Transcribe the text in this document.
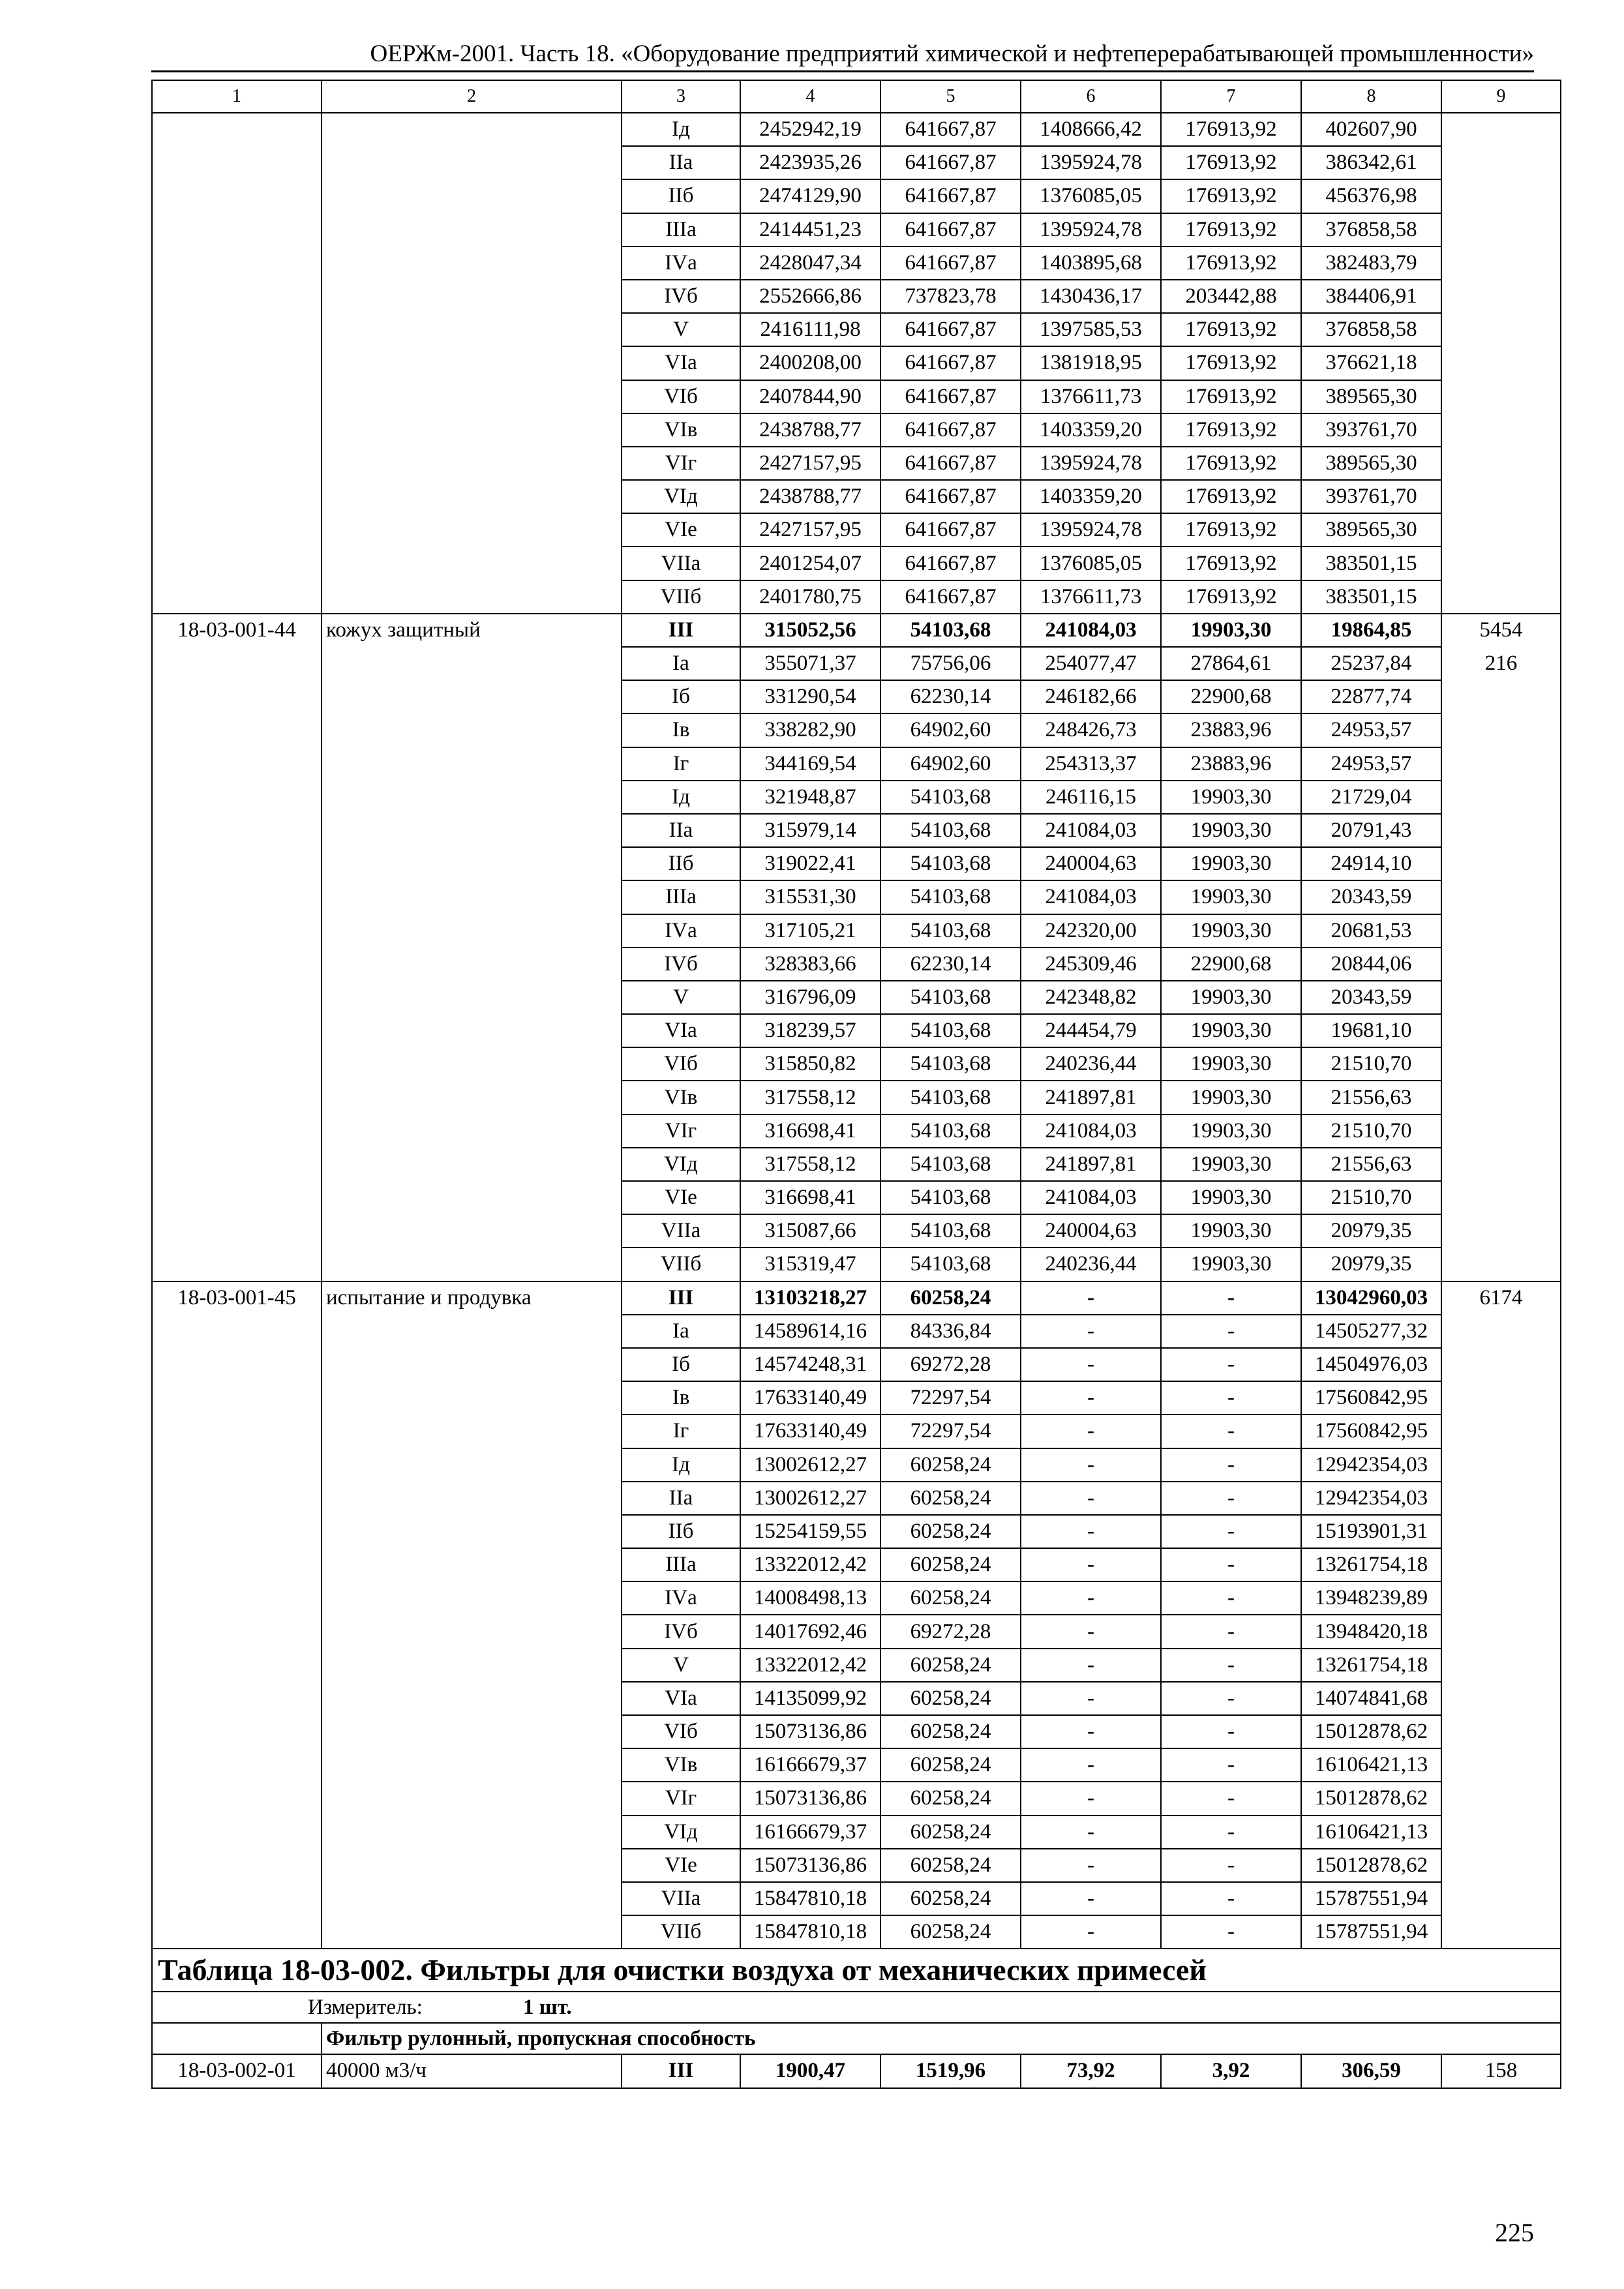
ОЕРЖм-2001. Часть 18. «Оборудование предприятий химической и нефтеперерабатывающей промышленности»
1	2	3	4	5	6	7	8	9
		Iд	2452942,19	641667,87	1408666,42	176913,92	402607,90	
		IIа	2423935,26	641667,87	1395924,78	176913,92	386342,61	
		IIб	2474129,90	641667,87	1376085,05	176913,92	456376,98	
		IIIа	2414451,23	641667,87	1395924,78	176913,92	376858,58	
		IVа	2428047,34	641667,87	1403895,68	176913,92	382483,79	
		IVб	2552666,86	737823,78	1430436,17	203442,88	384406,91	
		V	2416111,98	641667,87	1397585,53	176913,92	376858,58	
		VIа	2400208,00	641667,87	1381918,95	176913,92	376621,18	
		VIб	2407844,90	641667,87	1376611,73	176913,92	389565,30	
		VIв	2438788,77	641667,87	1403359,20	176913,92	393761,70	
		VIг	2427157,95	641667,87	1395924,78	176913,92	389565,30	
		VIд	2438788,77	641667,87	1403359,20	176913,92	393761,70	
		VIе	2427157,95	641667,87	1395924,78	176913,92	389565,30	
		VIIа	2401254,07	641667,87	1376085,05	176913,92	383501,15	
		VIIб	2401780,75	641667,87	1376611,73	176913,92	383501,15	
18-03-001-44	кожух защитный	III	315052,56	54103,68	241084,03	19903,30	19864,85	5454
		Iа	355071,37	75756,06	254077,47	27864,61	25237,84	216
		Iб	331290,54	62230,14	246182,66	22900,68	22877,74	
		Iв	338282,90	64902,60	248426,73	23883,96	24953,57	
		Iг	344169,54	64902,60	254313,37	23883,96	24953,57	
		Iд	321948,87	54103,68	246116,15	19903,30	21729,04	
		IIа	315979,14	54103,68	241084,03	19903,30	20791,43	
		IIб	319022,41	54103,68	240004,63	19903,30	24914,10	
		IIIа	315531,30	54103,68	241084,03	19903,30	20343,59	
		IVа	317105,21	54103,68	242320,00	19903,30	20681,53	
		IVб	328383,66	62230,14	245309,46	22900,68	20844,06	
		V	316796,09	54103,68	242348,82	19903,30	20343,59	
		VIа	318239,57	54103,68	244454,79	19903,30	19681,10	
		VIб	315850,82	54103,68	240236,44	19903,30	21510,70	
		VIв	317558,12	54103,68	241897,81	19903,30	21556,63	
		VIг	316698,41	54103,68	241084,03	19903,30	21510,70	
		VIд	317558,12	54103,68	241897,81	19903,30	21556,63	
		VIе	316698,41	54103,68	241084,03	19903,30	21510,70	
		VIIа	315087,66	54103,68	240004,63	19903,30	20979,35	
		VIIб	315319,47	54103,68	240236,44	19903,30	20979,35	
18-03-001-45	испытание и продувка	III	13103218,27	60258,24	-	-	13042960,03	6174
		Iа	14589614,16	84336,84	-	-	14505277,32	
		Iб	14574248,31	69272,28	-	-	14504976,03	
		Iв	17633140,49	72297,54	-	-	17560842,95	
		Iг	17633140,49	72297,54	-	-	17560842,95	
		Iд	13002612,27	60258,24	-	-	12942354,03	
		IIа	13002612,27	60258,24	-	-	12942354,03	
		IIб	15254159,55	60258,24	-	-	15193901,31	
		IIIа	13322012,42	60258,24	-	-	13261754,18	
		IVа	14008498,13	60258,24	-	-	13948239,89	
		IVб	14017692,46	69272,28	-	-	13948420,18	
		V	13322012,42	60258,24	-	-	13261754,18	
		VIа	14135099,92	60258,24	-	-	14074841,68	
		VIб	15073136,86	60258,24	-	-	15012878,62	
		VIв	16166679,37	60258,24	-	-	16106421,13	
		VIг	15073136,86	60258,24	-	-	15012878,62	
		VIд	16166679,37	60258,24	-	-	16106421,13	
		VIе	15073136,86	60258,24	-	-	15012878,62	
		VIIа	15847810,18	60258,24	-	-	15787551,94	
		VIIб	15847810,18	60258,24	-	-	15787551,94	
Таблица 18-03-002. Фильтры для очистки воздуха от механических примесей								
Измеритель: 1 шт.								
	Фильтр рулонный, пропускная способность							
18-03-002-01	40000 м3/ч	III	1900,47	1519,96	73,92	3,92	306,59	158
225
